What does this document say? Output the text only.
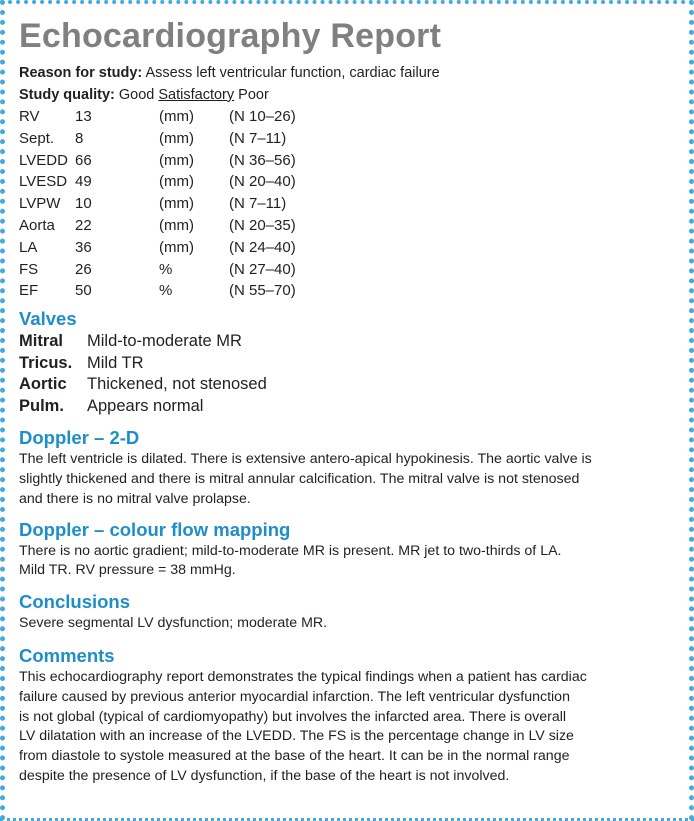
Echocardiography Report
Reason for study: Assess left ventricular function, cardiac failure
Study quality: Good Satisfactory Poor
RV	13	(mm)	(N 10–26)
Sept.	8	(mm)	(N 7–11)
LVEDD	66	(mm)	(N 36–56)
LVESD	49	(mm)	(N 20–40)
LVPW	10	(mm)	(N 7–11)
Aorta	22	(mm)	(N 20–35)
LA	36	(mm)	(N 24–40)
FS	26	%	(N 27–40)
EF	50	%	(N 55–70)
Valves
Mitral	Mild-to-moderate MR
Tricus. Mild TR
Aortic	Thickened, not stenosed
Pulm.	Appears normal
Doppler – 2-D
The left ventricle is dilated. There is extensive antero-apical hypokinesis. The aortic valve is
slightly thickened and there is mitral annular calcification. The mitral valve is not stenosed
and there is no mitral valve prolapse.
Doppler – colour flow mapping
There is no aortic gradient; mild-to-moderate MR is present. MR jet to two-thirds of LA.
Mild TR. RV pressure = 38 mmHg.
Conclusions
Severe segmental LV dysfunction; moderate MR.
Comments
This echocardiography report demonstrates the typical findings when a patient has cardiac
failure caused by previous anterior myocardial infarction. The left ventricular dysfunction
is not global (typical of cardiomyopathy) but involves the infarcted area. There is overall
LV dilatation with an increase of the LVEDD. The FS is the percentage change in LV size
from diastole to systole measured at the base of the heart. It can be in the normal range
despite the presence of LV dysfunction, if the base of the heart is not involved.
